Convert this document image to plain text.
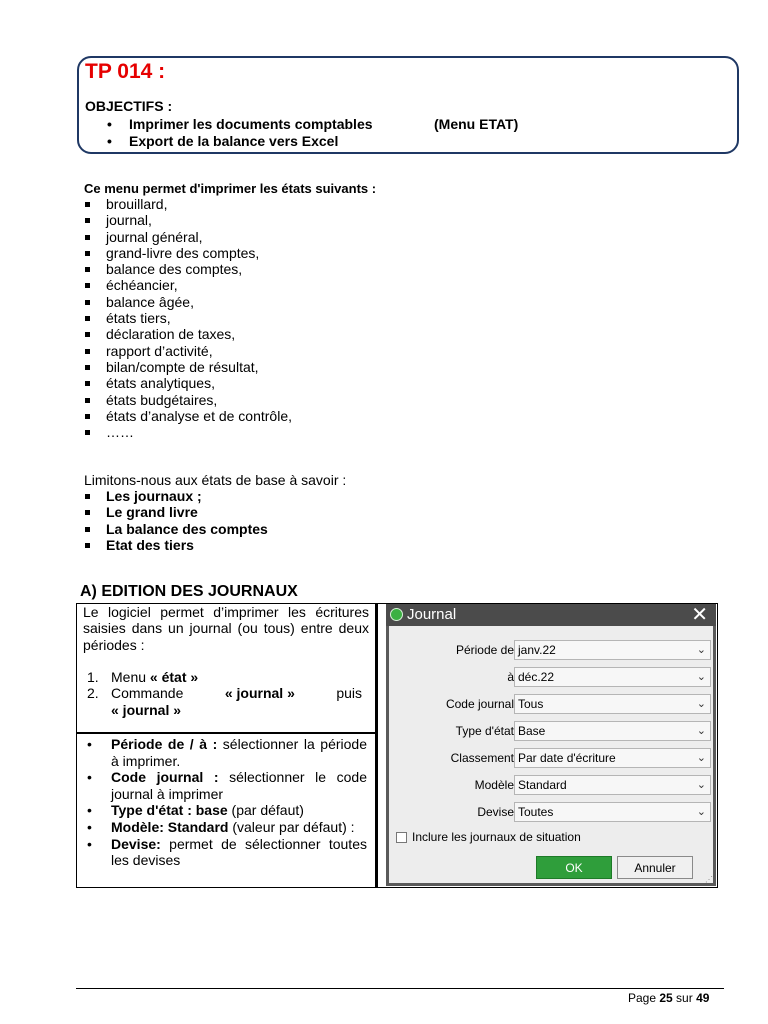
TP 014 :
OBJECTIFS :
• Imprimer les documents comptables	(Menu ETAT)
• Export de la balance vers Excel
Ce menu permet d'imprimer les états suivants :
brouillard,
journal,
journal général,
grand-livre des comptes,
balance des comptes,
échéancier,
balance âgée,
états tiers,
déclaration de taxes,
rapport d’activité,
bilan/compte de résultat,
états analytiques,
états budgétaires,
états d’analyse et de contrôle,
……
Limitons-nous aux états de base à savoir :
Les journaux ;
Le grand livre
La balance des comptes
Etat des tiers
A) EDITION DES JOURNAUX

Le logiciel permet d’imprimer les écritures saisies dans un journal (ou tous) entre deux périodes :

1. Menu « état »
2. Commande	« journal »	puis
« journal »
• Période de / à : sélectionner la période à imprimer.
• Code journal : sélectionner le code journal à imprimer
• Type d'état : base (par défaut)
• Modèle: Standard (valeur par défaut) :
• Devise: permet de sélectionner toutes les devises
Journal	✕
Période de janv.22	⌄
à déc.22	⌄
Code journal Tous	⌄
Type d'état Base	⌄
Classement Par date d'écriture	⌄
Modèle Standard	⌄
Devise Toutes	⌄
Inclure les journaux de situation
OK	Annuler
⋰
Page 25 sur 49
